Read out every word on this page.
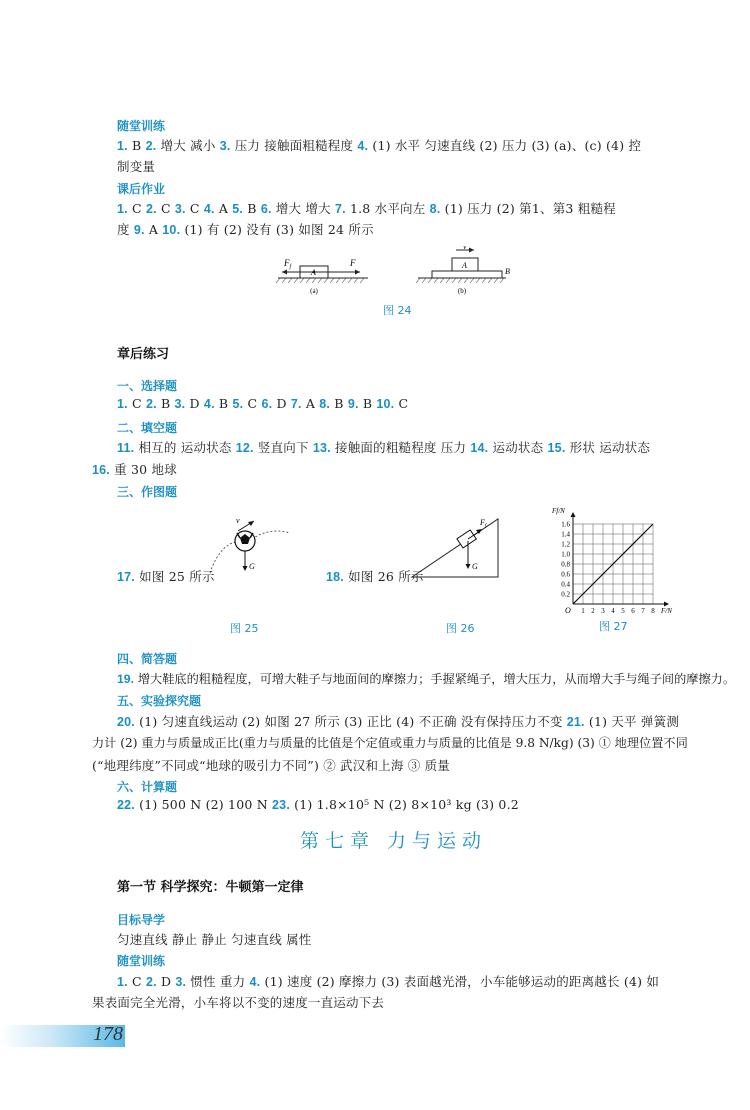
随堂训练
1. B 2. 增大 减小 3. 压力 接触面粗糙程度 4. (1) 水平 匀速直线 (2) 压力 (3) (a)、(c) (4) 控
制变量
课后作业
1. C 2. C 3. C 4. A 5. B 6. 增大 增大 7. 1.8 水平向左 8. (1) 压力 (2) 第1、第3 粗糙程
度 9. A 10. (1) 有 (2) 没有 (3) 如图 24 所示
$F_f$
A
F
(a)
v
A
B
(b)
图 24
章后练习
一、选择题
1. C 2. B 3. D 4. B 5. C 6. D 7. A 8. B 9. B 10. C
二、填空题
11. 相互的 运动状态 12. 竖直向下 13. 接触面的粗糙程度 压力 14. 运动状态 15. 形状 运动状态
16. 重 30 地球
三、作图题
v
G
17. 如图 25 所示
图 25
$F_f$
G
18. 如图 26 所示
图 26
0.2
0.4
0.6
0.8
1.0
1.2
1.4
1.6
1 2 3 4 5 6 7 8
O	F/N
Ff/N
图 27
四、简答题
19. 增大鞋底的粗糙程度，可增大鞋子与地面间的摩擦力；手握紧绳子，增大压力，从而增大手与绳子间的摩擦力。
五、实验探究题
20. (1) 匀速直线运动 (2) 如图 27 所示 (3) 正比 (4) 不正确 没有保持压力不变 21. (1) 天平 弹簧测
力计 (2) 重力与质量成正比(重力与质量的比值是个定值或重力与质量的比值是 9.8 N/kg) (3) ① 地理位置不同
(“地理纬度”不同或“地球的吸引力不同”) ② 武汉和上海 ③ 质量
六、计算题
22. (1) 500 N (2) 100 N 23. (1) 1.8×10⁵ N (2) 8×10³ kg (3) 0.2
第七章 力与运动
第一节 科学探究：牛顿第一定律
目标导学
匀速直线 静止 静止 匀速直线 属性
随堂训练
1. C 2. D 3. 惯性 重力 4. (1) 速度 (2) 摩擦力 (3) 表面越光滑，小车能够运动的距离越长 (4) 如
果表面完全光滑，小车将以不变的速度一直运动下去
178
